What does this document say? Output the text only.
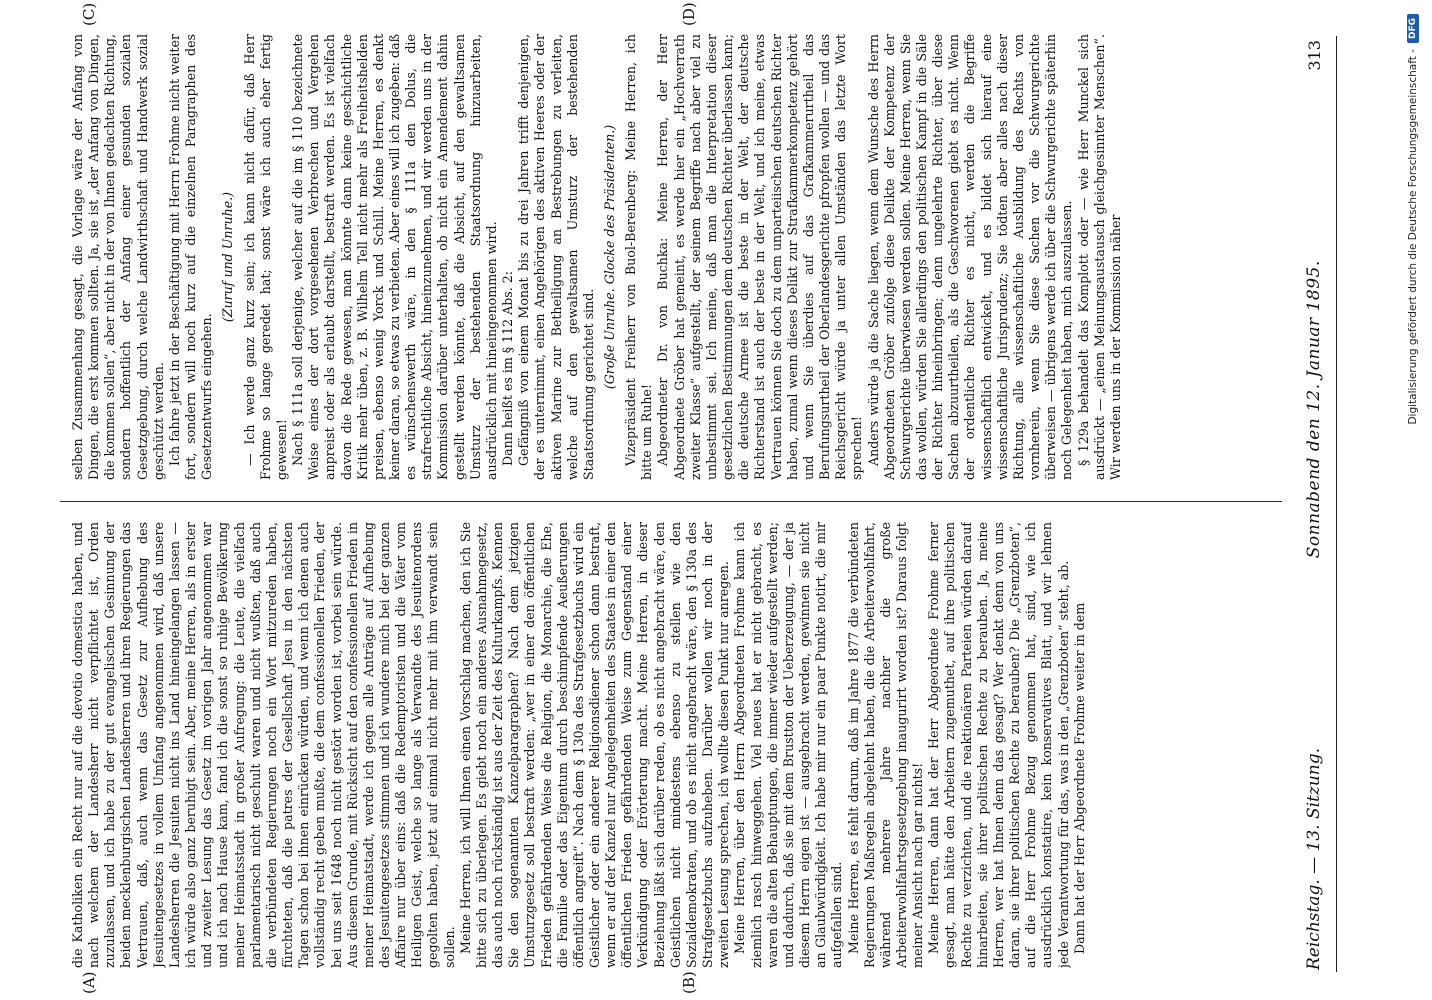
Reichstag. — 13. Sitzung.
Sonnabend den 12. Januar 1895.
313

die Katholiken ein Recht nur auf die devotio domestica haben, und nach welchem der Landesherr nicht verpflichtet ist, Orden zuzulassen, und ich habe zu der gut evangelischen Gesinnung der beiden mecklenburgischen Landesherren und ihren Regierungen das Vertrauen, daß, auch wenn das Gesetz zur Aufhebung des Jesuitengesetzes in vollem Umfang angenommen wird, daß unsere Landesherren die Jesuiten nicht ins Land hineingelangen lassen — ich würde also ganz beruhigt sein. Aber, meine Herren, als in erster und zweiter Lesung das Gesetz im vorigen Jahr angenommen war und ich nach Hause kam, fand ich die sonst so ruhige Bevölkerung meiner Heimatsstadt in großer Aufregung: die Leute, die vielfach parlamentarisch nicht geschult waren und nicht wußten, daß auch die verbündeten Regierungen noch ein Wort mitzureden haben, fürchteten, daß die patres der Gesellschaft Jesu in den nächsten Tagen schon bei ihnen einrücken würden, und wenn ich denen auch vollständig recht geben mußte, die dem confessionellen Frieden, der bei uns seit 1648 noch nicht gestört worden ist, vorbei sein würde. Aus diesem Grunde, mit Rücksicht auf den confessionellen Frieden in meiner Heimatstadt, werde ich gegen alle Anträge auf Aufhebung des Jesuitengesetzes stimmen und ich wundere mich bei der ganzen Affaire nur über eins: daß die Redemptoristen und die Väter vom Heiligen Geist, welche so lange als Verwandte des Jesuitenordens gegolten haben, jetzt auf einmal nicht mehr mit ihm verwandt sein sollen. Meine Herren, ich will Ihnen einen Vorschlag machen, den ich Sie bitte sich zu überlegen. Es giebt noch ein anderes Ausnahmegesetz, das auch noch rückständig ist aus der Zeit des Kulturkampfs. Kennen Sie den sogenannten Kanzelparagraphen? Nach dem jetzigen Umsturzgesetz soll bestraft werden: „wer in einer den öffentlichen Frieden gefährdenden Weise die Religion, die Monarchie, die Ehe, die Familie oder das Eigentum durch beschimpfende Aeußerungen öffentlich angreift“. Nach dem § 130a des Strafgesetzbuchs wird ein Geistlicher oder ein anderer Religionsdiener schon dann bestraft, wenn er auf der Kanzel nur Angelegenheiten des Staates in einer den öffentlichen Frieden gefährdenden Weise zum Gegenstand einer Verkündigung oder Erörterung macht. Meine Herren, in dieser Beziehung läßt sich darüber reden, ob es nicht angebracht wäre, den Geistlichen nicht mindestens ebenso zu stellen wie den Sozialdemokraten, und ob es nicht angebracht wäre, den § 130a des Strafgesetzbuchs aufzuheben. Darüber wollen wir noch in der zweiten Lesung sprechen, ich wollte diesen Punkt nur anregen. Meine Herren, über den Herrn Abgeordneten Frohme kann ich ziemlich rasch hinweggehen. Viel neues hat er nicht gebracht, es waren die alten Behauptungen, die immer wieder aufgestellt werden; und dadurch, daß sie mit dem Brustton der Ueberzeugung, — der ja diesem Herrn eigen ist — ausgebracht werden, gewinnen sie nicht an Glaubwürdigkeit. Ich habe mir nur ein paar Punkte notirt, die mir aufgefallen sind. Meine Herren, es fehlt darum, daß im Jahre 1877 die verbündeten Regierungen Maßregeln abgelehnt haben, die die Arbeiterwohlfahrt, während mehrere Jahre nachher die große Arbeiterwohlfahrtsgesetzgebung inaugurirt worden ist? Daraus folgt meiner Ansicht nach gar nichts! Meine Herren, dann hat der Herr Abgeordnete Frohme ferner gesagt, man hätte den Arbeitern zugemuthet, auf ihre politischen Rechte zu verzichten, und die reaktionären Parteien würden darauf hinarbeiten, sie ihrer politischen Rechte zu berauben. Ja, meine Herren, wer hat Ihnen denn das gesagt? Wer denkt denn von uns daran, sie ihrer politischen Rechte zu berauben? Die „Grenzboten“, auf die Herr Frohme Bezug genommen hat, sind, wie ich ausdrücklich konstatire, kein konservatives Blatt, und wir lehnen jede Verantwortung für das, was in den „Grenzboten“ steht, ab. Dann hat der Herr Abgeordnete Frohme weiter in dem

selben Zusammenhang gesagt, die Vorlage wäre der Anfang von Dingen, die erst kommen sollten. Ja, sie ist „der Anfang von Dingen, die kommen sollen“, aber nicht in der von Ihnen gedachten Richtung, sondern hoffentlich der Anfang einer gesunden sozialen Gesetzgebung, durch welche Landwirthschaft und Handwerk sozial geschützt werden. Ich fahre jetzt in der Beschäftigung mit Herrn Frohme nicht weiter fort, sondern will noch kurz auf die einzelnen Paragraphen des Gesetzentwurfs eingehen.

(Zuruf und Unruhe.) — Ich werde ganz kurz sein; ich kann nicht dafür, daß Herr Frohme so lange geredet hat; sonst wäre ich auch eher fertig gewesen! Nach § 111a soll derjenige, welcher auf die im § 110 bezeichnete Weise eines der dort vorgesehenen Verbrechen und Vergehen anpreist oder als erlaubt darstellt, bestraft werden. Es ist vielfach davon die Rede gewesen, man könnte dann keine geschichtliche Kritik mehr üben, z. B. Wilhelm Tell nicht mehr als Freiheitshelden preisen, ebenso wenig Yorck und Schill. Meine Herren, es denkt keiner daran, so etwas zu verbieten. Aber eines will ich zugeben: daß es wünschenswerth wäre, in den § 111a den Dolus, die strafrechtliche Absicht, hineinzunehmen, und wir werden uns in der Kommission darüber unterhalten, ob nicht ein Amendement dahin gestellt werden könnte, daß die Absicht, auf den gewaltsamen Umsturz der bestehenden Staatsordnung hinzuarbeiten, ausdrücklich mit hineingenommen wird. Dann heißt es im § 112 Abs. 2: Gefängniß von einem Monat bis zu drei Jahren trifft denjenigen, der es unternimmt, einen Angehörigen des aktiven Heeres oder der aktiven Marine zur Betheiligung an Bestrebungen zu verleiten, welche auf den gewaltsamen Umsturz der bestehenden Staatsordnung gerichtet sind. (Große Unruhe. Glocke des Präsidenten.) Vizepräsident Freiherr von Buol-Berenberg: Meine Herren, ich bitte um Ruhe! Abgeordneter Dr. von Buchka: Meine Herren, der Herr Abgeordnete Gröber hat gemeint, es werde hier ein „Hochverrath zweiter Klasse“ aufgestellt, der seinem Begriffe nach aber viel zu unbestimmt sei. Ich meine, daß man die Interpretation dieser gesetzlichen Bestimmungen dem deutschen Richter überlassen kann; die deutsche Armee ist die beste in der Welt, der deutsche Richterstand ist auch der beste in der Welt, und ich meine, etwas Vertrauen können Sie doch zu dem unparteiischen deutschen Richter haben, zumal wenn dieses Delikt zur Strafkammerkompetenz gehört und wenn Sie überdies auf das Grafkammerurtheil das Berufungsurtheil der Oberlandesgerichte pfropfen wollen — und das Reichsgericht würde ja unter allen Umständen das letzte Wort sprechen! Anders würde ja die Sache liegen, wenn dem Wunsche des Herrn Abgeordneten Gröber zufolge diese Delikte der Kompetenz der Schwurgerichte überwiesen werden sollen. Meine Herren, wenn Sie das wollen, würden Sie allerdings den politischen Kampf in die Säle der Richter hineinbringen; denn ungelehrte Richter, über diese Sachen abzuurtheilen, als die Geschworenen giebt es nicht. Wenn der ordentliche Richter es nicht, werden die Begriffe wissenschaftlich entwickelt, und es bildet sich hierauf eine wissenschaftliche Jurisprudenz; Sie tödten aber alles nach dieser Richtung, alle wissenschaftliche Ausbildung des Rechts von vornherein, wenn Sie diese Sachen vor die Schwurgerichte überweisen — übrigens werde ich über die Schwurgerichte späterhin noch Gelegenheit haben, mich auszulassen. § 129a behandelt das Komplott oder — wie Herr Munckel sich ausdrückt — „einen Meinungsaustausch gleichgesinnter Menschen“. Wir werden uns in der Kommission näher

(A)	(B)
(C)	(D)
Digitalisierung gefördert durch die Deutsche Forschungsgemeinschaft -
DFG
